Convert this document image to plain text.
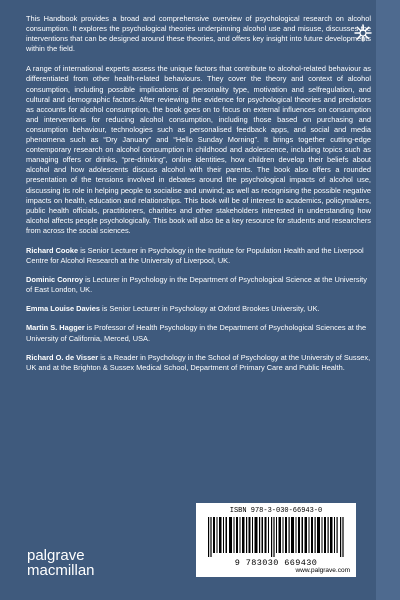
This Handbook provides a broad and comprehensive overview of psychological research on alcohol consumption. It explores the psychological theories underpinning alcohol use and misuse, discusses the interventions that can be designed around these theories, and offers key insight into future developments within the field.

A range of international experts assess the unique factors that contribute to alcohol-related behaviour as differentiated from other health-related behaviours. They cover the theory and context of alcohol consumption, including possible implications of personality type, motivation and selfregulation, and cultural and demographic factors. After reviewing the evidence for psychological theories and predictors as accounts for alcohol consumption, the book goes on to focus on external influences on consumption and interventions for reducing alcohol consumption, including those based on purchasing and consumption behaviour, technologies such as personalised feedback apps, and social and media phenomena such as “Dry January” and “Hello Sunday Morning”. It brings together cutting-edge contemporary research on alcohol consumption in childhood and adolescence, including topics such as managing offers or drinks, “pre-drinking”, online identities, how children develop their beliefs about alcohol and how adolescents discuss alcohol with their parents. The book also offers a rounded presentation of the tensions involved in debates around the psychological impacts of alcohol use, discussing its role in helping people to socialise and unwind; as well as recognising the possible negative impacts on health, education and relationships. This book will be of interest to academics, policymakers, public health officials, practitioners, charities and other stakeholders interested in understanding how alcohol affects people psychologically. This book will also be a key resource for students and researchers from across the social sciences.

Richard Cooke is Senior Lecturer in Psychology in the Institute for Population Health and the Liverpool Centre for Alcohol Research at the University of Liverpool, UK.

Dominic Conroy is Lecturer in Psychology in the Department of Psychological Science at the University of East London, UK.

Emma Louise Davies is Senior Lecturer in Psychology at Oxford Brookes University, UK.

Martin S. Hagger is Professor of Health Psychology in the Department of Psychological Sciences at the University of California, Merced, USA.

Richard O. de Visser is a Reader in Psychology in the School of Psychology at the University of Sussex, UK and at the Brighton & Sussex Medical School, Department of Primary Care and Public Health.

palgrave
macmillan
ISBN 978-3-030-66943-0
9 783030 669430
www.palgrave.com
